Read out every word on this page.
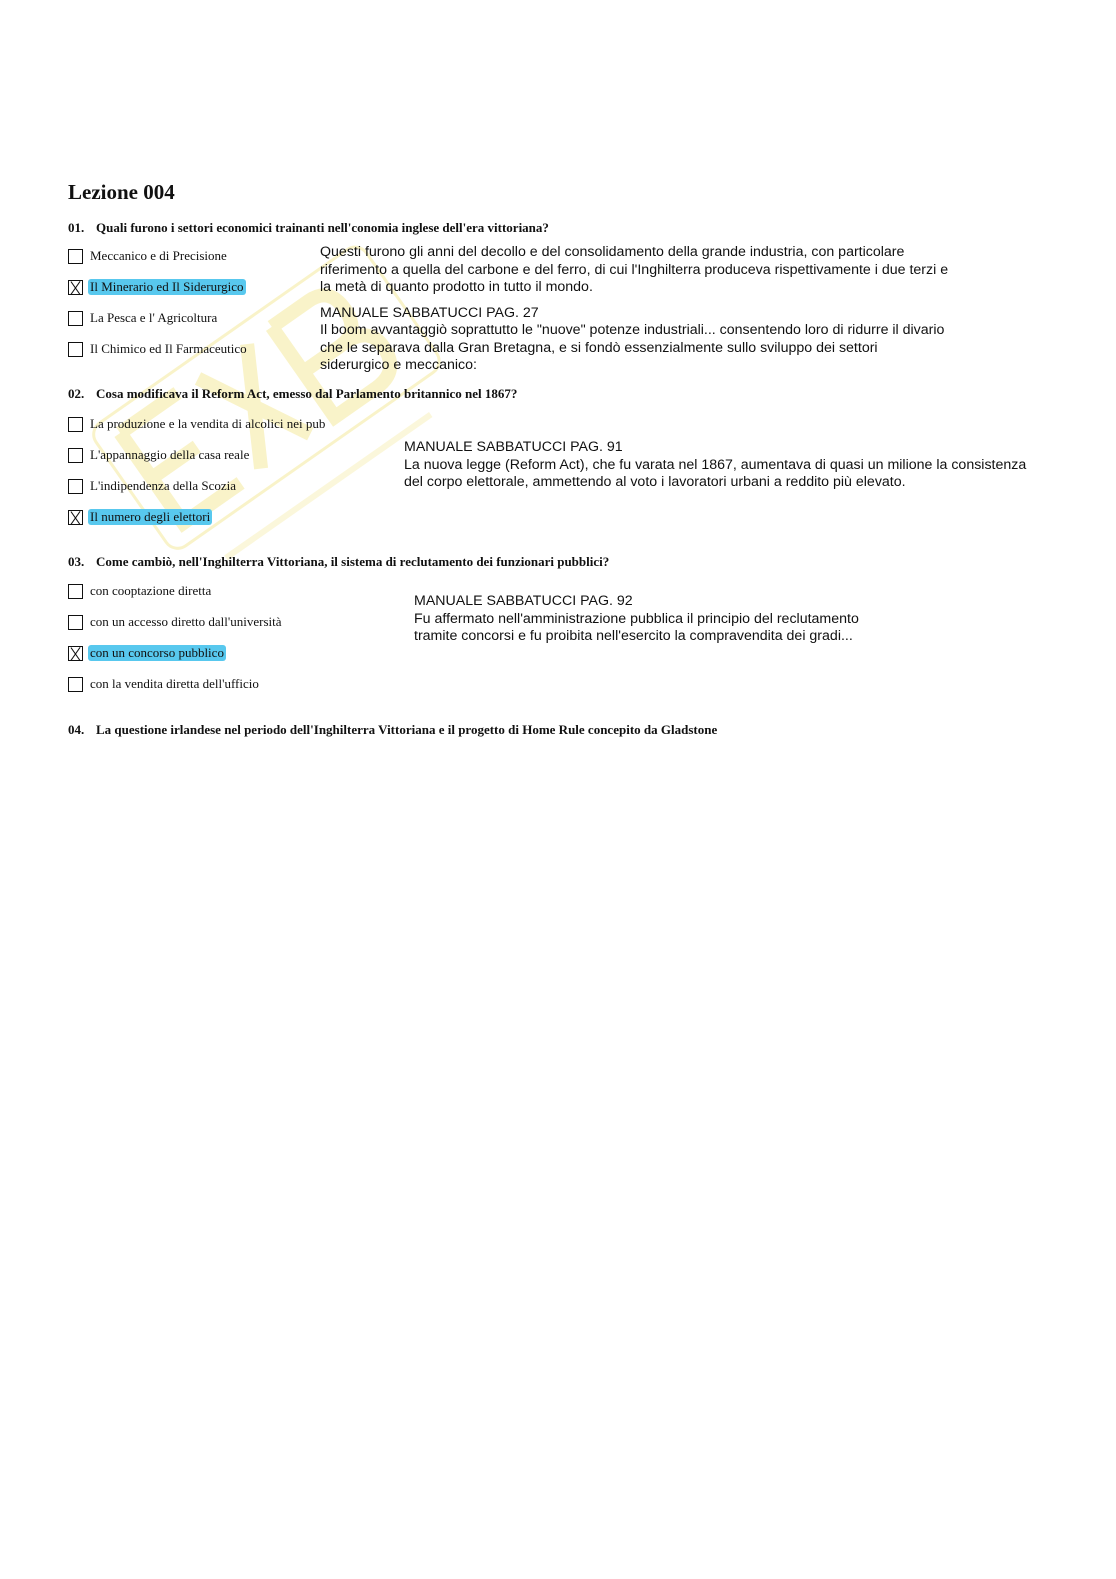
Lezione 004
01. Quali furono i settori economici trainanti nell'conomia inglese dell'era vittoriana?
Meccanico e di Precisione
Il Minerario ed Il Siderurgico
La Pesca e l' Agricoltura
Il Chimico ed Il Farmaceutico

Questi furono gli anni del decollo e del consolidamento della grande industria, con particolare

riferimento a quella del carbone e del ferro, di cui l'Inghilterra produceva rispettivamente i due terzi e

la metà di quanto prodotto in tutto il mondo.

MANUALE SABBATUCCI PAG. 27

Il boom avvantaggiò soprattutto le "nuove" potenze industriali... consentendo loro di ridurre il divario

che le separava dalla Gran Bretagna, e si fondò essenzialmente sullo sviluppo dei settori

siderurgico e meccanico:

02. Cosa modificava il Reform Act, emesso dal Parlamento britannico nel 1867?
La produzione e la vendita di alcolici nei pub
L'appannaggio della casa reale
L'indipendenza della Scozia
Il numero degli elettori

MANUALE SABBATUCCI PAG. 91

La nuova legge (Reform Act), che fu varata nel 1867, aumentava di quasi un milione la consistenza

del corpo elettorale, ammettendo al voto i lavoratori urbani a reddito più elevato.

03. Come cambiò, nell'Inghilterra Vittoriana, il sistema di reclutamento dei funzionari pubblici?
con cooptazione diretta
con un accesso diretto dall'università
con un concorso pubblico
con la vendita diretta dell'ufficio

MANUALE SABBATUCCI PAG. 92

Fu affermato nell'amministrazione pubblica il principio del reclutamento

tramite concorsi e fu proibita nell'esercito la compravendita dei gradi...

04. La questione irlandese nel periodo dell'Inghilterra Vittoriana e il progetto di Home Rule concepito da Gladstone
